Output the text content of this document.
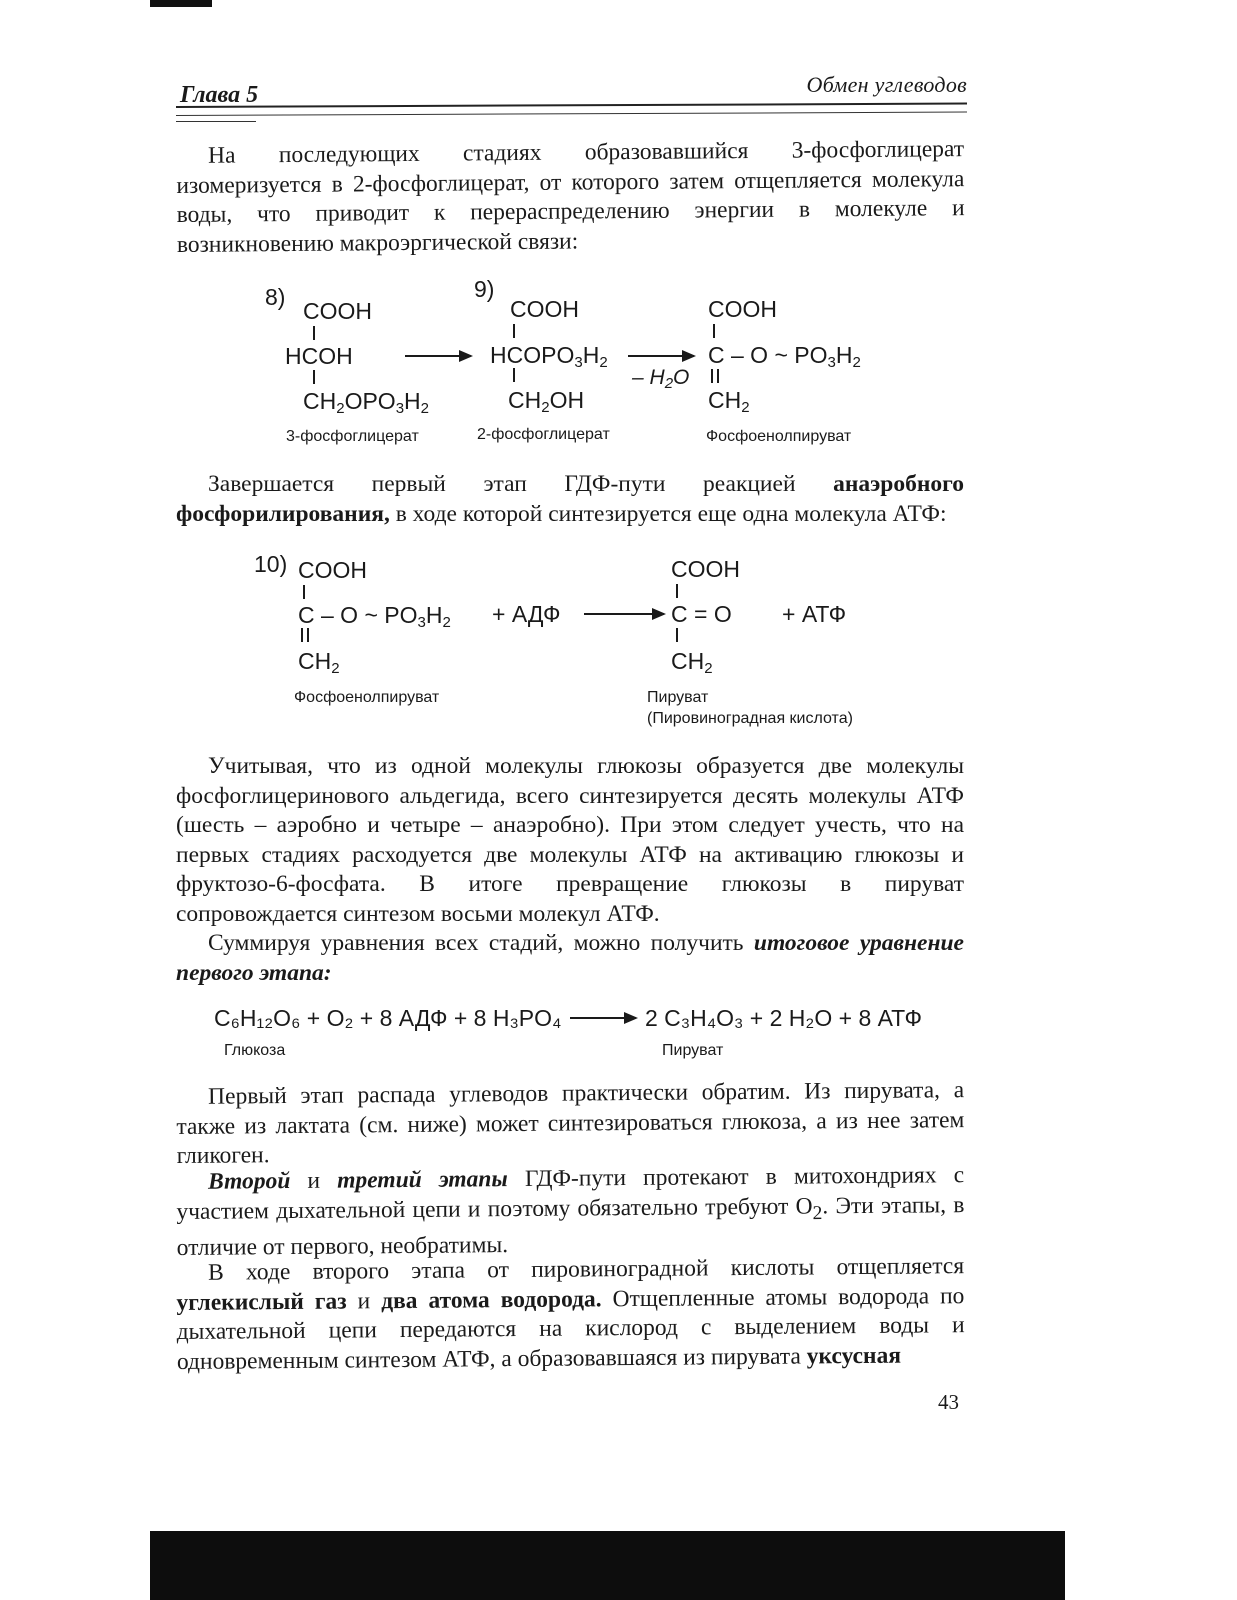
Глава 5	Обмен углеводов

На последующих стадиях образовавшийся 3-фосфоглицерат изомеризуется в 2-фосфоглицерат, от которого затем отщепляется молекула воды, что приводит к перераспределению энергии в молекуле и возникновению макроэргической связи:

8)	9)
COOH
HCOH
$CH_2OPO_3H_2$
COOH
$HCOPO_3H_2$
$CH_2OH$
– $H_2O$
COOH
C – O ~ $PO_3H_2$
$CH_2$
3-фосфоглицерат	2-фосфоглицерат	Фосфоенолпируват

Завершается первый этап ГДФ-пути реакцией анаэробного фосфорилирования, в ходе которой синтезируется еще одна молекула АТФ:

10) COOH
C – O ~ $PO_3H_2$
$CH_2$
+ АДФ
COOH
C = O
$CH_2$
+ АТФ
Фосфоенолпируват	Пируват
(Пировиноградная кислота)

Учитывая, что из одной молекулы глюкозы образуется две молекулы фосфоглицеринового альдегида, всего синтезируется десять молекулы АТФ (шесть – аэробно и четыре – анаэробно). При этом следует учесть, что на первых стадиях расходуется две молекулы АТФ на активацию глюкозы и фруктозо-6-фосфата. В итоге превращение глюкозы в пируват сопровождается синтезом восьми молекул АТФ.

Суммируя уравнения всех стадий, можно получить итоговое уравнение первого этапа:

C₆H₁₂O₆ + O₂ + 8 АДФ + 8 H₃PO₄	2 C₃H₄O₃ + 2 H₂O + 8 АТФ
Глюкоза	Пируват

Первый этап распада углеводов практически обратим. Из пирувата, а также из лактата (см. ниже) может синтезироваться глюкоза, а из нее затем гликоген.

Второй и третий этапы ГДФ-пути протекают в митохондриях с участием дыхательной цепи и поэтому обязательно требуют $O_2$. Эти этапы, в отличие от первого, необратимы.

В ходе второго этапа от пировиноградной кислоты отщепляется углекислый газ и два атома водорода. Отщепленные атомы водорода по дыхательной цепи передаются на кислород с выделением воды и одновременным синтезом АТФ, а образовавшаяся из пирувата уксусная

43
